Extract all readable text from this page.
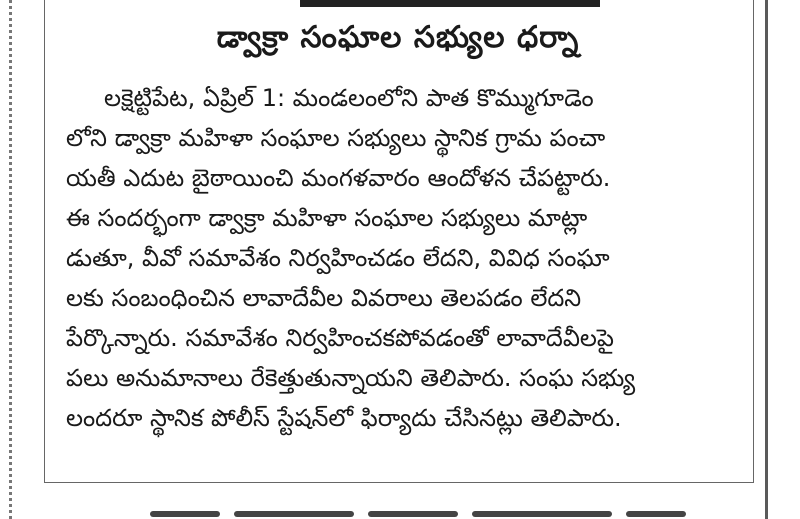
డ్వాక్రా సంఘాల సభ్యుల ధర్నా
లక్షెట్టిపేట, ఏప్రిల్ 1: మండలంలోని పాత కొమ్ముగూడెం
లోని డ్వాక్రా మహిళా సంఘాల సభ్యులు స్థానిక గ్రామ పంచా
యతీ ఎదుట బైఠాయించి మంగళవారం ఆందోళన చేపట్టారు.
ఈ సందర్భంగా డ్వాక్రా మహిళా సంఘాల సభ్యులు మాట్లా
డుతూ, వీవో సమావేశం నిర్వహించడం లేదని, వివిధ సంఘా
లకు సంబంధించిన లావాదేవీల వివరాలు తెలపడం లేదని
పేర్కొన్నారు. సమావేశం నిర్వహించకపోవడంతో లావాదేవీలపై
పలు అనుమానాలు రేకెత్తుతున్నాయని తెలిపారు. సంఘ సభ్యు
లందరూ స్థానిక పోలీస్ స్టేషన్‌లో ఫిర్యాదు చేసినట్లు తెలిపారు.
